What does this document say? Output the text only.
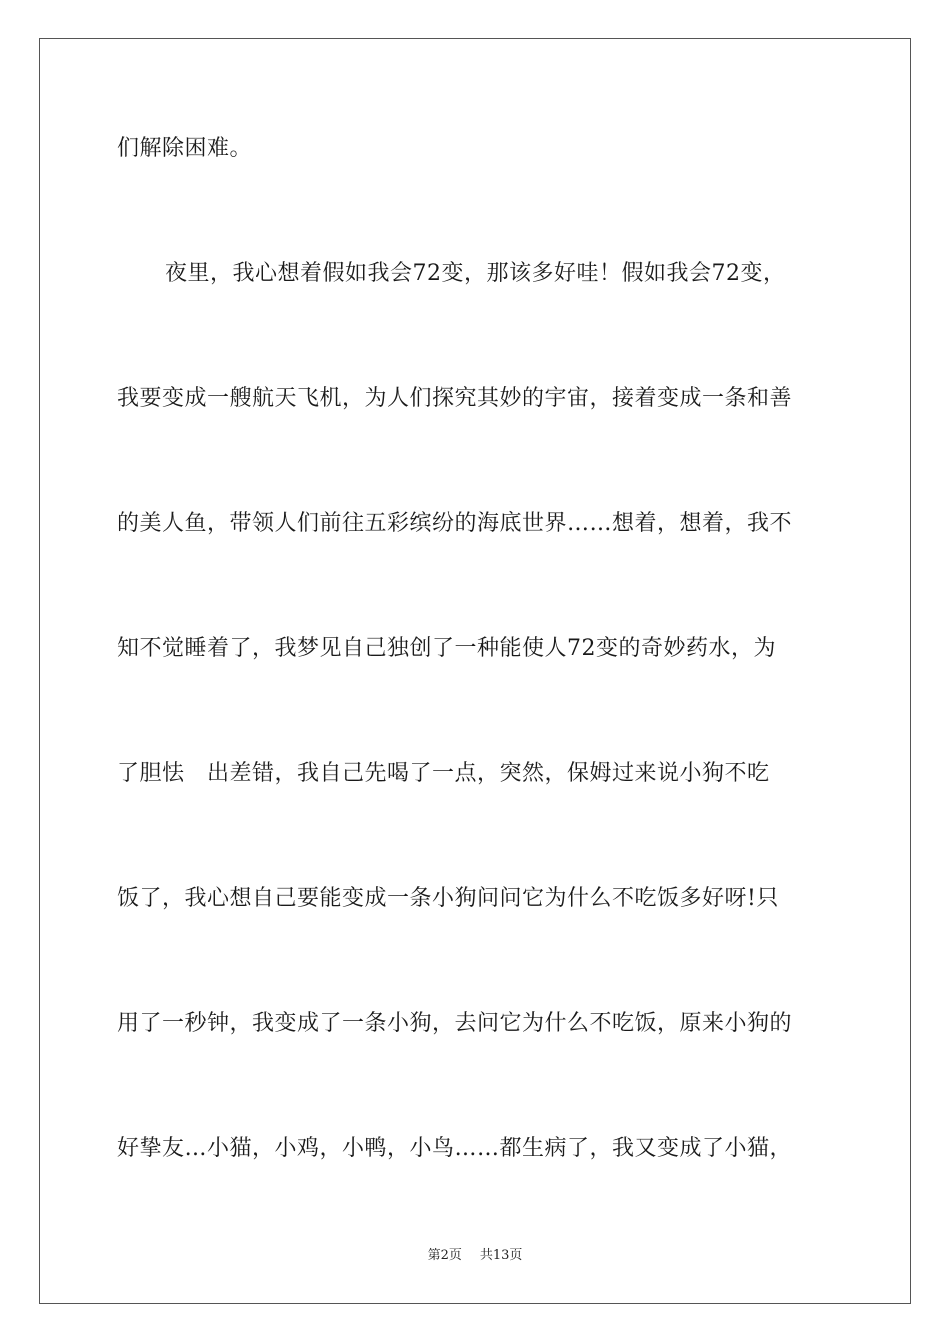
们解除困难。
夜里，我心想着假如我会72变，那该多好哇！假如我会72变，
我要变成一艘航天飞机，为人们探究其妙的宇宙，接着变成一条和善
的美人鱼，带领人们前往五彩缤纷的海底世界……想着，想着，我不
知不觉睡着了，我梦见自己独创了一种能使人72变的奇妙药水，为
了胆怯　出差错，我自己先喝了一点，突然，保姆过来说小狗不吃
饭了，我心想自己要能变成一条小狗问问它为什么不吃饭多好呀!只
用了一秒钟，我变成了一条小狗，去问它为什么不吃饭，原来小狗的
好挚友…小猫，小鸡，小鸭，小鸟……都生病了，我又变成了小猫，
第2页 共13页
